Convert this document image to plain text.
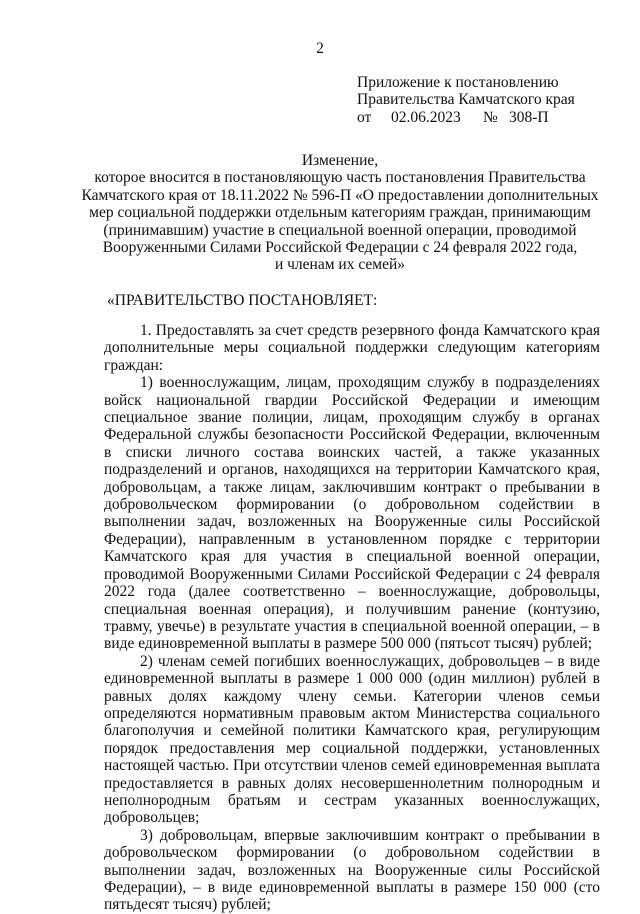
2
Приложение к постановлению
Правительства Камчатского края
от 02.06.2023 № 308-П
Изменение,
которое вносится в постановляющую часть постановления Правительства
Камчатского края от 18.11.2022 № 596-П «О предоставлении дополнительных
мер социальной поддержки отдельным категориям граждан, принимающим
(принимавшим) участие в специальной военной операции, проводимой
Вооруженными Силами Российской Федерации с 24 февраля 2022 года,
и членам их семей»
«ПРАВИТЕЛЬСТВО ПОСТАНОВЛЯЕТ:

1. Предоставлять за счет средств резервного фонда Камчатского края дополнительные меры социальной поддержки следующим категориям граждан:

1) военнослужащим, лицам, проходящим службу в подразделениях войск национальной гвардии Российской Федерации и имеющим специальное звание полиции, лицам, проходящим службу в органах Федеральной службы безопасности Российской Федерации, включенным в списки личного состава воинских частей, а также указанных подразделений и органов, находящихся на территории Камчатского края, добровольцам, а также лицам, заключившим контракт о пребывании в добровольческом формировании (о добровольном содействии в выполнении задач, возложенных на Вооруженные силы Российской Федерации), направленным в установленном порядке с территории Камчатского края для участия в специальной военной операции, проводимой Вооруженными Силами Российской Федерации с 24 февраля 2022 года (далее соответственно – военнослужащие, добровольцы, специальная военная операция), и получившим ранение (контузию, травму, увечье) в результате участия в специальной военной операции, – в виде единовременной выплаты в размере 500 000 (пятьсот тысяч) рублей;

2) членам семей погибших военнослужащих, добровольцев – в виде единовременной выплаты в размере 1 000 000 (один миллион) рублей в равных долях каждому члену семьи. Категории членов семьи определяются нормативным правовым актом Министерства социального благополучия и семейной политики Камчатского края, регулирующим порядок предоставления мер социальной поддержки, установленных настоящей частью. При отсутствии членов семей единовременная выплата предоставляется в равных долях несовершеннолетним полнородным и неполнородным братьям и сестрам указанных военнослужащих, добровольцев;

3) добровольцам, впервые заключившим контракт о пребывании в добровольческом формировании (о добровольном содействии в выполнении задач, возложенных на Вооруженные силы Российской Федерации), – в виде единовременной выплаты в размере 150 000 (сто пятьдесят тысяч) рублей;
